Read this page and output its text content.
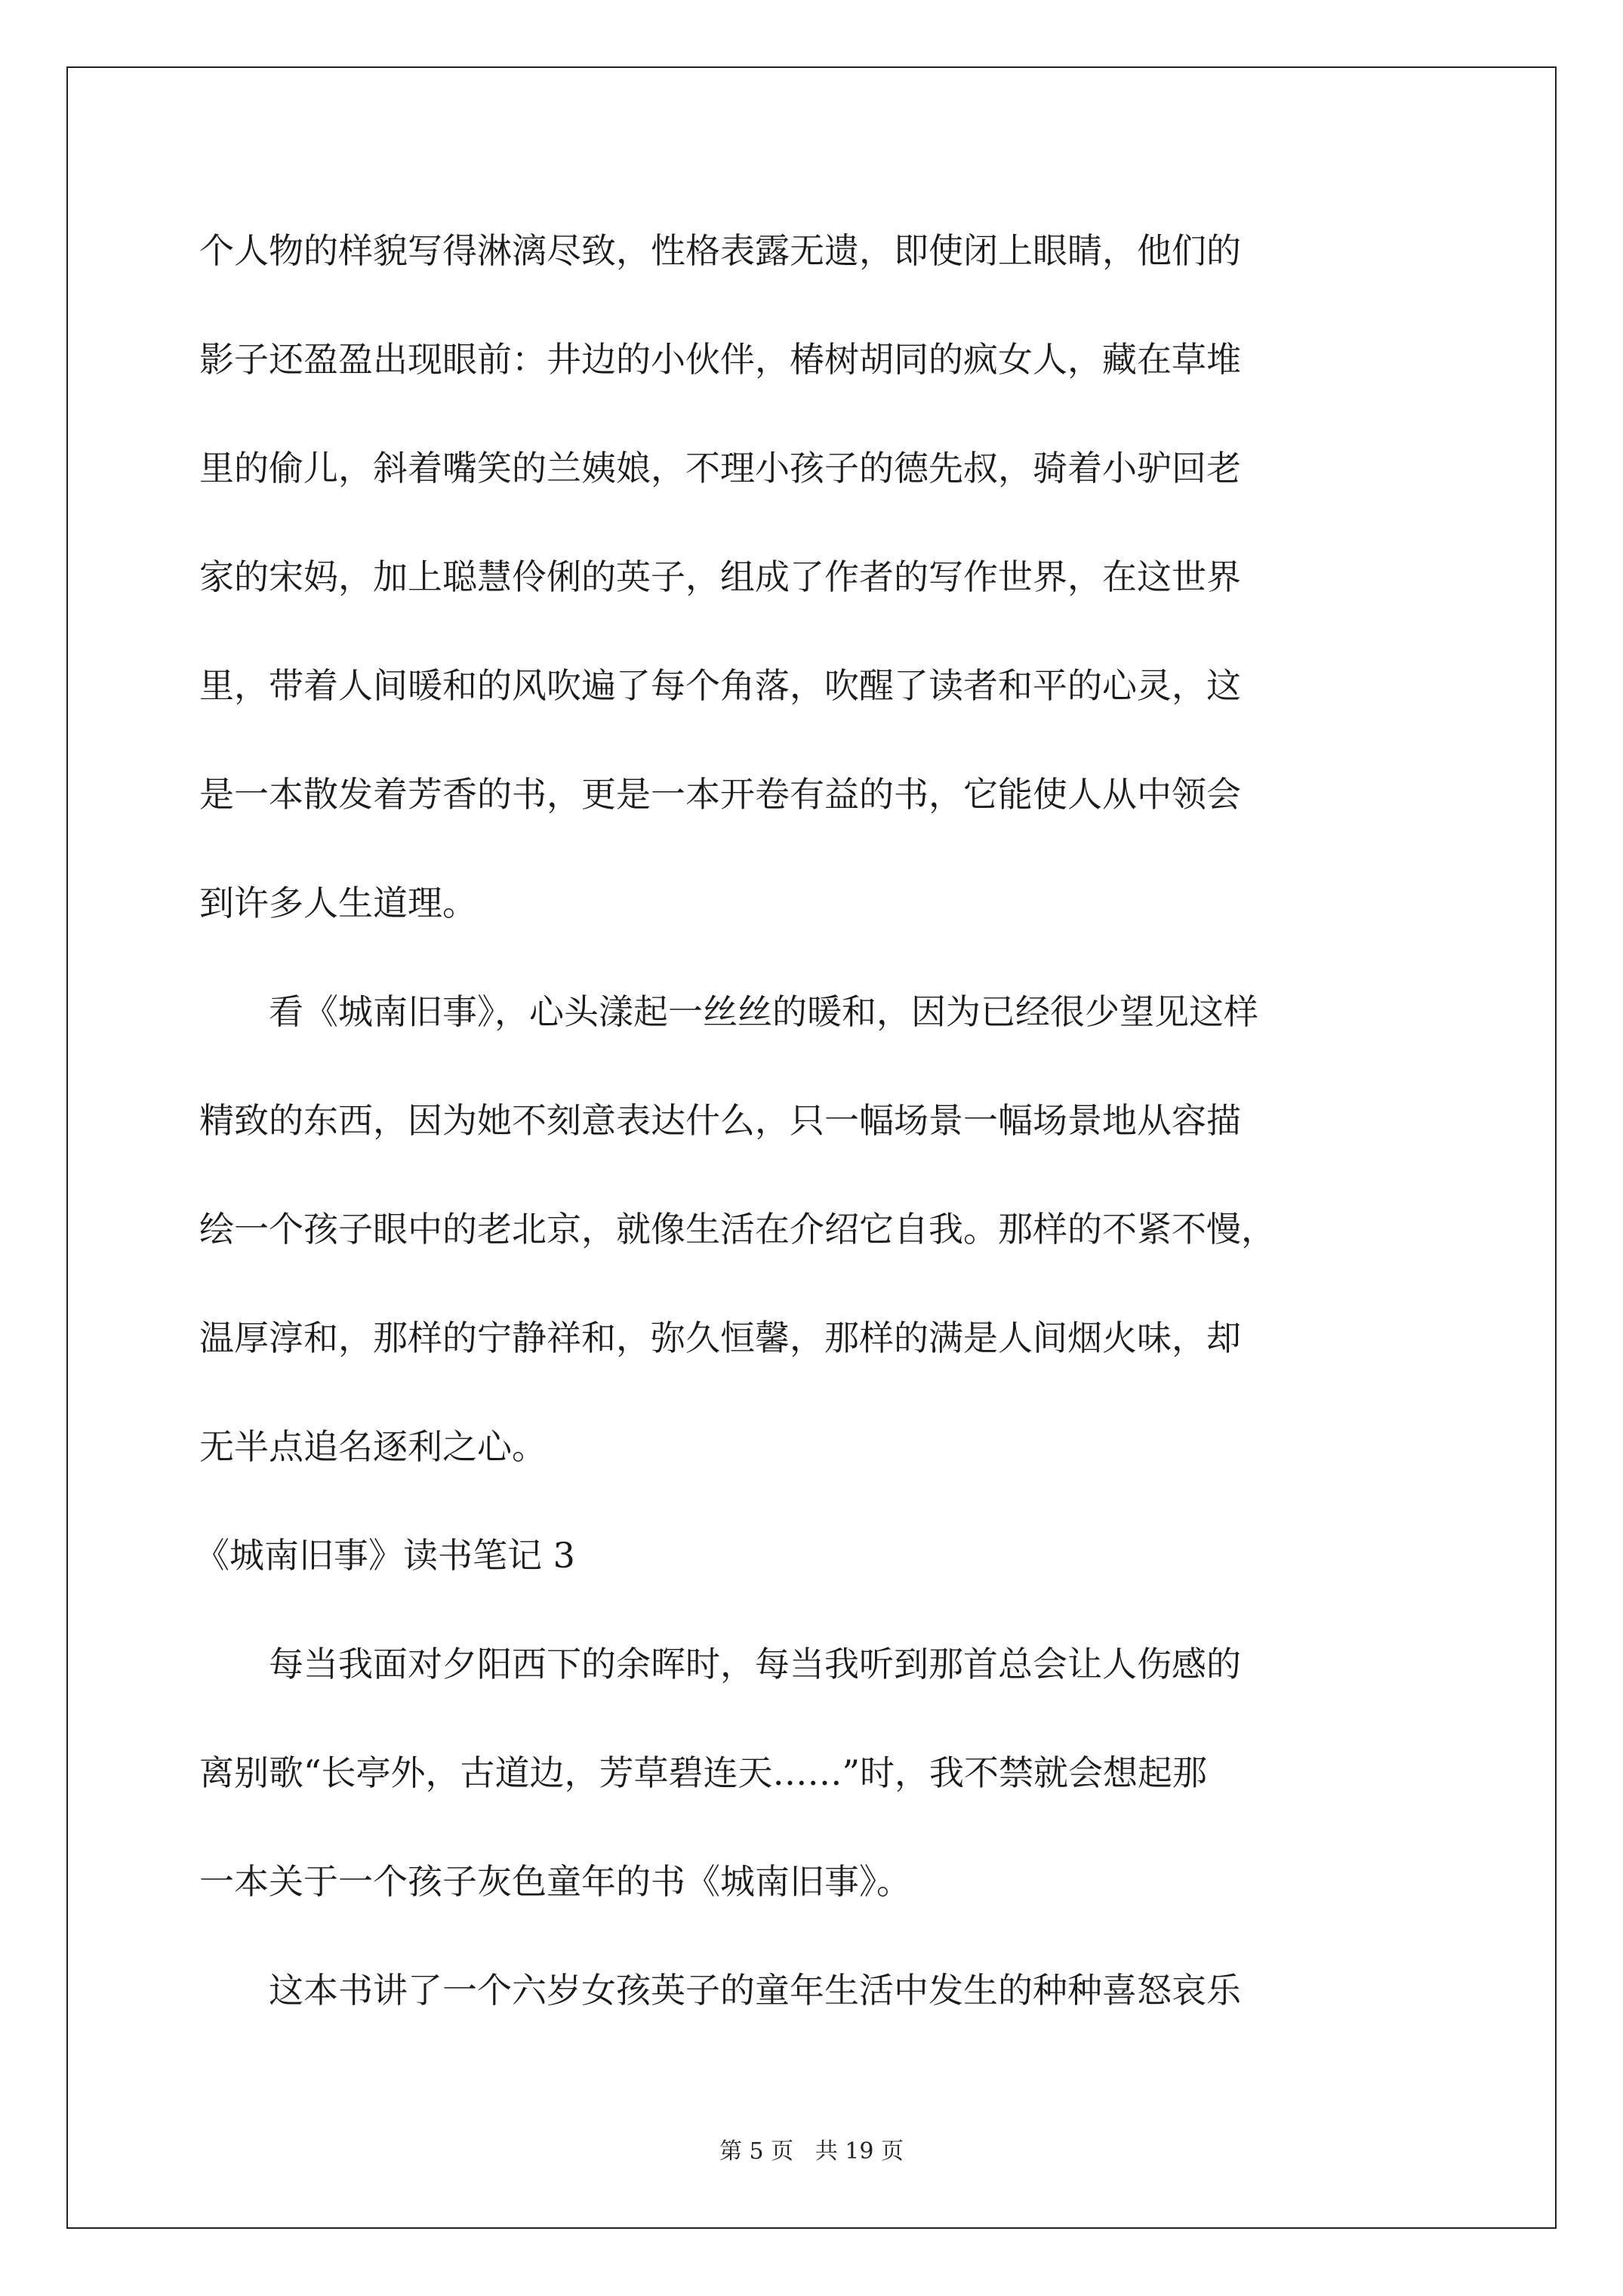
个人物的样貌写得淋漓尽致，性格表露无遗，即使闭上眼睛，他们的

影子还盈盈出现眼前：井边的小伙伴，椿树胡同的疯女人，藏在草堆

里的偷儿，斜着嘴笑的兰姨娘，不理小孩子的德先叔，骑着小驴回老

家的宋妈，加上聪慧伶俐的英子，组成了作者的写作世界，在这世界

里，带着人间暖和的风吹遍了每个角落，吹醒了读者和平的心灵，这

是一本散发着芳香的书，更是一本开卷有益的书，它能使人从中领会

到许多人生道理。

看《城南旧事》，心头漾起一丝丝的暖和，因为已经很少望见这样

精致的东西，因为她不刻意表达什么，只一幅场景一幅场景地从容描

绘一个孩子眼中的老北京，就像生活在介绍它自我。那样的不紧不慢，

温厚淳和，那样的宁静祥和，弥久恒馨，那样的满是人间烟火味，却

无半点追名逐利之心。

《城南旧事》读书笔记 3

每当我面对夕阳西下的余晖时，每当我听到那首总会让人伤感的

离别歌“长亭外，古道边，芳草碧连天……”时，我不禁就会想起那

一本关于一个孩子灰色童年的书《城南旧事》。

这本书讲了一个六岁女孩英子的童年生活中发生的种种喜怒哀乐

第 5 页 共 19 页
